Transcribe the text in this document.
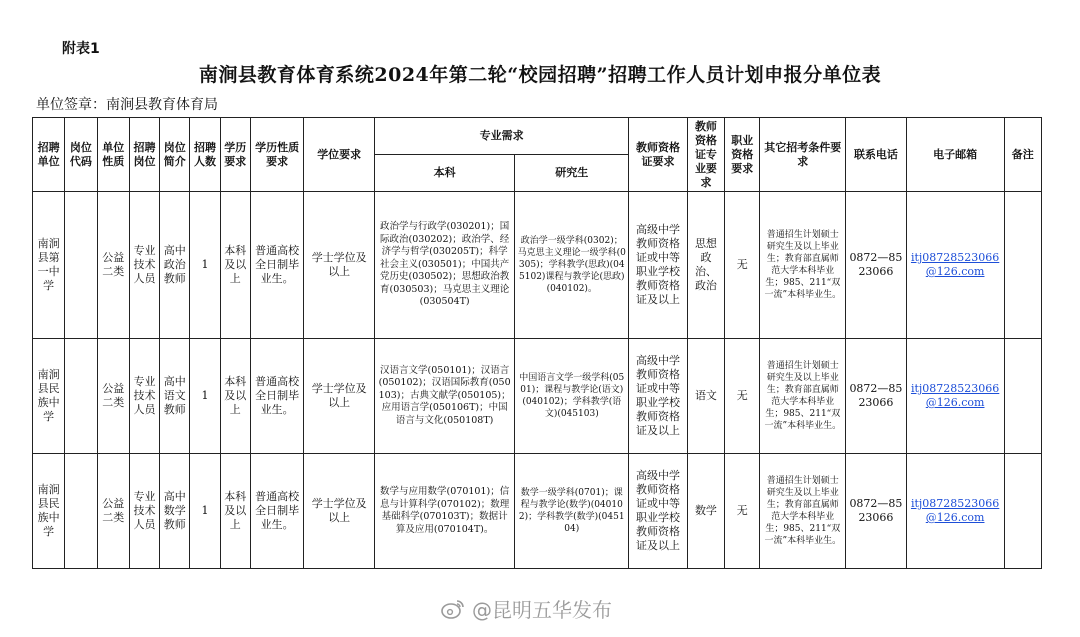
附表1
南涧县教育体育系统2024年第二轮“校园招聘”招聘工作人员计划申报分单位表
单位签章：南涧县教育体育局
招聘单位	岗位代码	单位性质	招聘岗位	岗位简介	招聘人数	学历要求	学历性质要求	学位要求	专业需求		教师资格证要求	教师资格证专业要求	职业资格要求	其它招考条件要求	联系电话	电子邮箱	备注
									本科	研究生							
南涧县第一中学		公益二类	专业技术人员	高中政治教师	1	本科及以上	普通高校全日制毕业生。	学士学位及以上	政治学与行政学(030201)；国际政治(030202)；政治学、经济学与哲学(030205T)；科学社会主义(030501)；中国共产党历史(030502)；思想政治教育(030503)；马克思主义理论(030504T)	政治学一级学科(0302)；马克思主义理论一级学科(0305)；学科教学(思政)(045102)课程与教学论(思政)(040102)。	高级中学教师资格证或中等职业学校教师资格证及以上	思想政治、政治	无	普通招生计划硕士研究生及以上毕业生；教育部直属师范大学本科毕业生；985、211“双一流”本科毕业生。	0872—8523066	itj08728523066@126.com	
南涧县民族中学		公益二类	专业技术人员	高中语文教师	1	本科及以上	普通高校全日制毕业生。	学士学位及以上	汉语言文学(050101)；汉语言(050102)；汉语国际教育(050103)；古典文献学(050105)；应用语言学(050106T)；中国语言与文化(050108T)	中国语言文学一级学科(0501)；课程与教学论(语文)(040102)；学科教学(语文)(045103)	高级中学教师资格证或中等职业学校教师资格证及以上	语文	无	普通招生计划硕士研究生及以上毕业生；教育部直属师范大学本科毕业生；985、211“双一流”本科毕业生。	0872—8523066	itj08728523066@126.com	
南涧县民族中学		公益二类	专业技术人员	高中数学教师	1	本科及以上	普通高校全日制毕业生。	学士学位及以上	数学与应用数学(070101)；信息与计算科学(070102)；数理基础科学(070103T)；数据计算及应用(070104T)。	数学一级学科(0701)；课程与教学论(数学)(040102)；学科教学(数学)(045104)	高级中学教师资格证或中等职业学校教师资格证及以上	数学	无	普通招生计划硕士研究生及以上毕业生；教育部直属师范大学本科毕业生；985、211“双一流”本科毕业生。	0872—8523066	itj08728523066@126.com	
@昆明五华发布
